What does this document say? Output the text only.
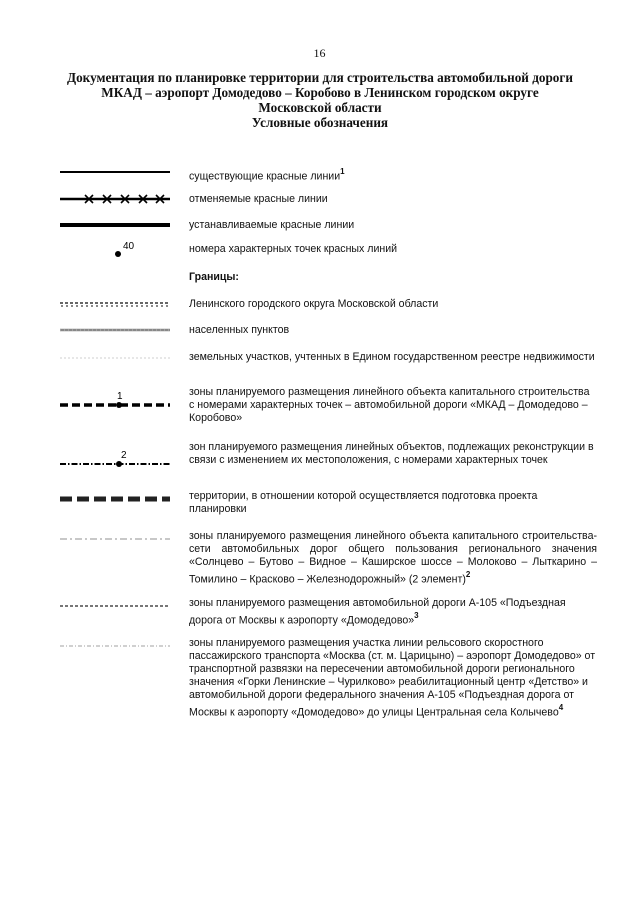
16
Документация по планировке территории для строительства автомобильной дороги
МКАД – аэропорт Домодедово – Коробово в Ленинском городском округе
Московской области
Условные обозначения
существующие красные линии$^1$
отменяемые красные линии
устанавливаемые красные линии
40	номера характерных точек красных линий
Границы:
Ленинского городского округа Московской области
населенных пунктов
земельных участков, учтенных в Едином государственном реестре недвижимости
1	зоны планируемого размещения линейного объекта капитального строительства с номерами характерных точек – автомобильной дороги «МКАД – Домодедово – Коробово»
2
зон планируемого размещения линейных объектов, подлежащих реконструкции в связи с изменением их местоположения, с номерами характерных точек
территории, в отношении которой осуществляется подготовка проекта планировки
зоны планируемого размещения линейного объекта капитального строительства- сети автомобильных дорог общего пользования регионального значения «Солнцево – Бутово – Видное – Каширское шоссе – Молоково – Лыткарино – Томилино – Красково – Железнодорожный» (2 элемент)$^2$
зоны планируемого размещения автомобильной дороги А-105 «Подъездная дорога от Москвы к аэропорту «Домодедово»$^3$
зоны планируемого размещения участка линии рельсового скоростного пассажирского транспорта «Москва (ст. м. Царицыно) – аэропорт Домодедово» от транспортной развязки на пересечении автомобильной дороги регионального значения «Горки Ленинские – Чурилково» реабилитационный центр «Детство» и автомобильной дороги федерального значения А-105 «Подъездная дорога от Москвы к аэропорту «Домодедово» до улицы Центральная села Колычево$^4$
